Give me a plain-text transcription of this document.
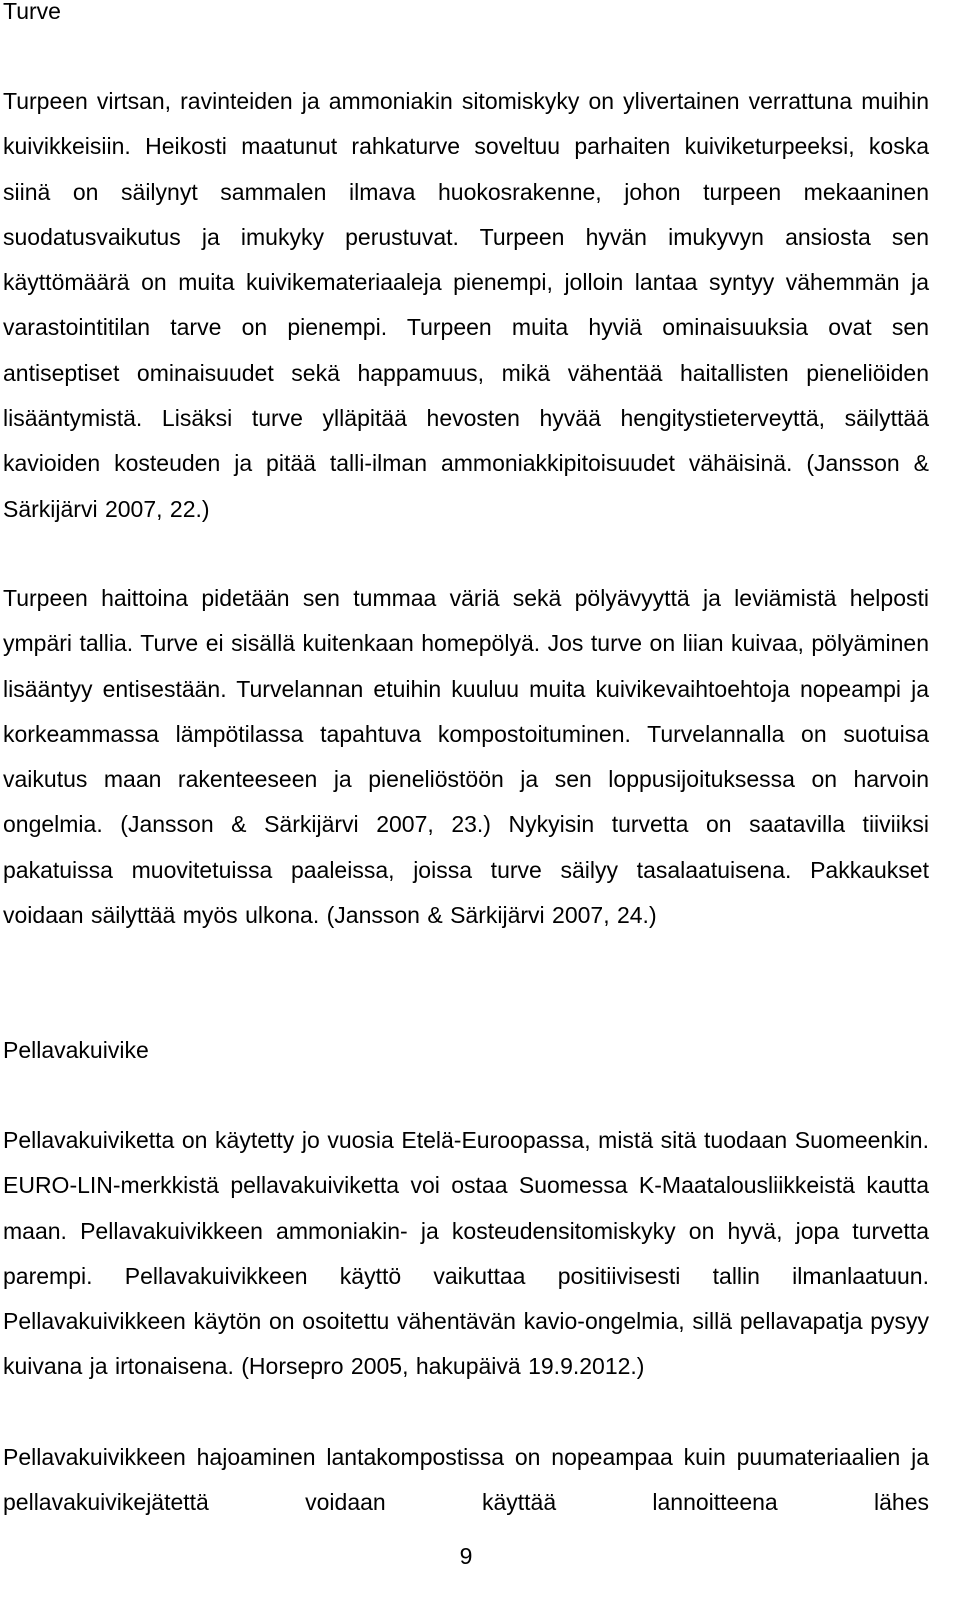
Turve

Turpeen virtsan, ravinteiden ja ammoniakin sitomiskyky on ylivertainen verrattuna muihin kuivikkeisiin. Heikosti maatunut rahkaturve soveltuu parhaiten kuiviketurpeeksi, koska siinä on säilynyt sammalen ilmava huokosrakenne, johon turpeen mekaaninen suodatusvaikutus ja imukyky perustuvat. Turpeen hyvän imukyvyn ansiosta sen käyttömäärä on muita kuivikemateriaaleja pienempi, jolloin lantaa syntyy vähemmän ja varastointitilan tarve on pienempi. Turpeen muita hyviä ominaisuuksia ovat sen antiseptiset ominaisuudet sekä happamuus, mikä vähentää haitallisten pieneliöiden lisääntymistä. Lisäksi turve ylläpitää hevosten hyvää hengitystieterveyttä, säilyttää kavioiden kosteuden ja pitää talli-ilman ammoniakkipitoisuudet vähäisinä. (Jansson & Särkijärvi 2007, 22.)

Turpeen haittoina pidetään sen tummaa väriä sekä pölyävyyttä ja leviämistä helposti ympäri tallia. Turve ei sisällä kuitenkaan homepölyä. Jos turve on liian kuivaa, pölyäminen lisääntyy entisestään. Turvelannan etuihin kuuluu muita kuivikevaihtoehtoja nopeampi ja korkeammassa lämpötilassa tapahtuva kompostoituminen. Turvelannalla on suotuisa vaikutus maan rakenteeseen ja pieneliöstöön ja sen loppusijoituksessa on harvoin ongelmia. (Jansson & Särkijärvi 2007, 23.) Nykyisin turvetta on saatavilla tiiviiksi pakatuissa muovitetuissa paaleissa, joissa turve säilyy tasalaatuisena. Pakkaukset voidaan säilyttää myös ulkona. (Jansson & Särkijärvi 2007, 24.)

Pellavakuivike

Pellavakuiviketta on käytetty jo vuosia Etelä-Euroopassa, mistä sitä tuodaan Suomeenkin. EURO-LIN-merkkistä pellavakuiviketta voi ostaa Suomessa K-Maatalousliikkeistä kautta maan. Pellavakuivikkeen ammoniakin- ja kosteudensitomiskyky on hyvä, jopa turvetta parempi. Pellavakuivikkeen käyttö vaikuttaa positiivisesti tallin ilmanlaatuun. Pellavakuivikkeen käytön on osoitettu vähentävän kavio-ongelmia, sillä pellavapatja pysyy kuivana ja irtonaisena. (Horsepro 2005, hakupäivä 19.9.2012.)

Pellavakuivikkeen hajoaminen lantakompostissa on nopeampaa kuin puumateriaalien ja pellavakuivikejätettä voidaan käyttää lannoitteena lähes

9
